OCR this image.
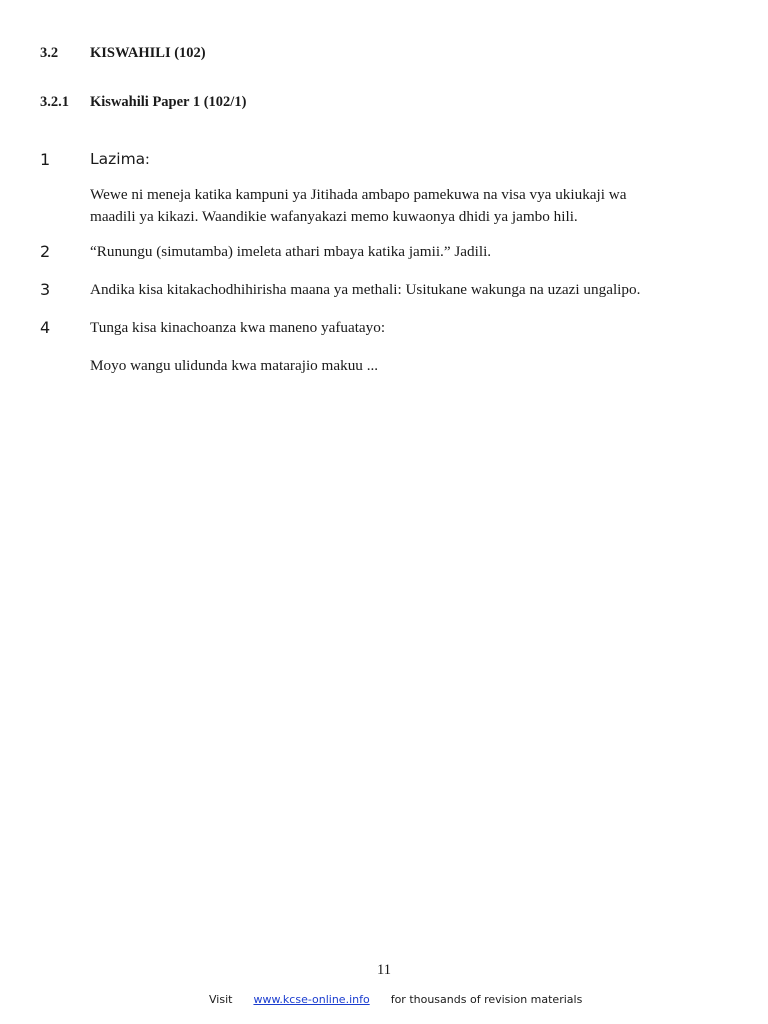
3.2 KISWAHILI (102)
3.2.1 Kiswahili Paper 1 (102/1)
1	Lazima:
Wewe ni meneja katika kampuni ya Jitihada ambapo pamekuwa na visa vya ukiukaji wa maadili ya kikazi. Waandikie wafanyakazi memo kuwaonya dhidi ya jambo hili.
2	“Runungu (simutamba) imeleta athari mbaya katika jamii.” Jadili.
3	Andika kisa kitakachodhihirisha maana ya methali: Usitukane wakunga na uzazi ungalipo.
4	Tunga kisa kinachoanza kwa maneno yafuatayo:
Moyo wangu ulidunda kwa matarajio makuu ...
11
Visit www.kcse-online.info for thousands of revision materials
